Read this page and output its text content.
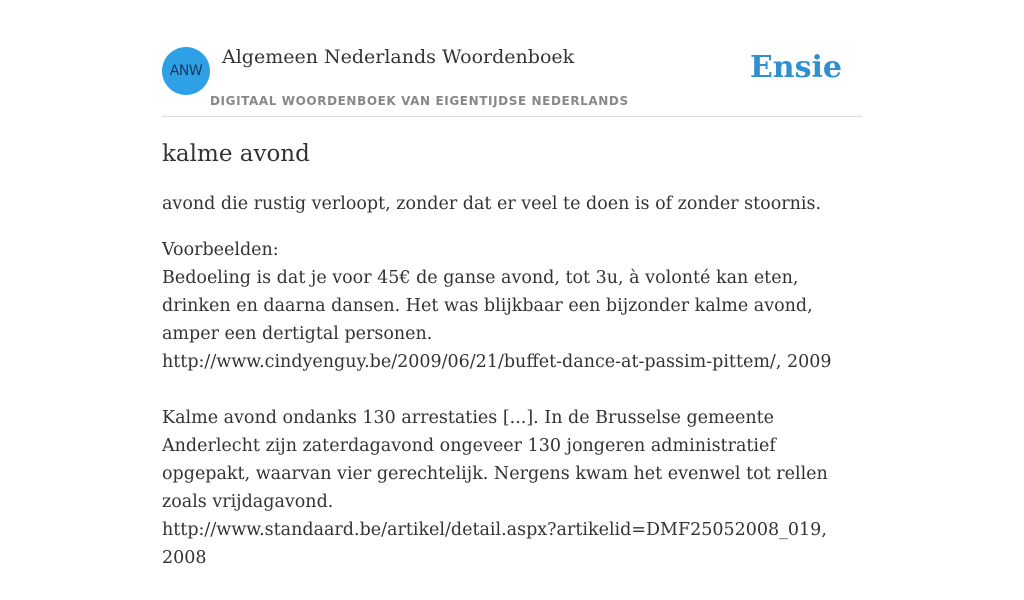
ANW
Algemeen Nederlands Woordenboek
DIGITAAL WOORDENBOEK VAN EIGENTIJDSE NEDERLANDS
Ensie
kalme avond

avond die rustig verloopt, zonder dat er veel te doen is of zonder stoornis.

Voorbeelden:

Bedoeling is dat je voor 45€ de ganse avond, tot 3u, à volonté kan eten, drinken en daarna dansen. Het was blijkbaar een bijzonder kalme avond, amper een dertigtal personen.

http://www.cindyenguy.be/2009/06/21/buffet-dance-at-passim-pittem/, 2009

Kalme avond ondanks 130 arrestaties [...]. In de Brusselse gemeente Anderlecht zijn zaterdagavond ongeveer 130 jongeren administratief opgepakt, waarvan vier gerechtelijk. Nergens kwam het evenwel tot rellen zoals vrijdagavond.

http://www.standaard.be/artikel/detail.aspx?artikelid=DMF25052008_019, 2008
